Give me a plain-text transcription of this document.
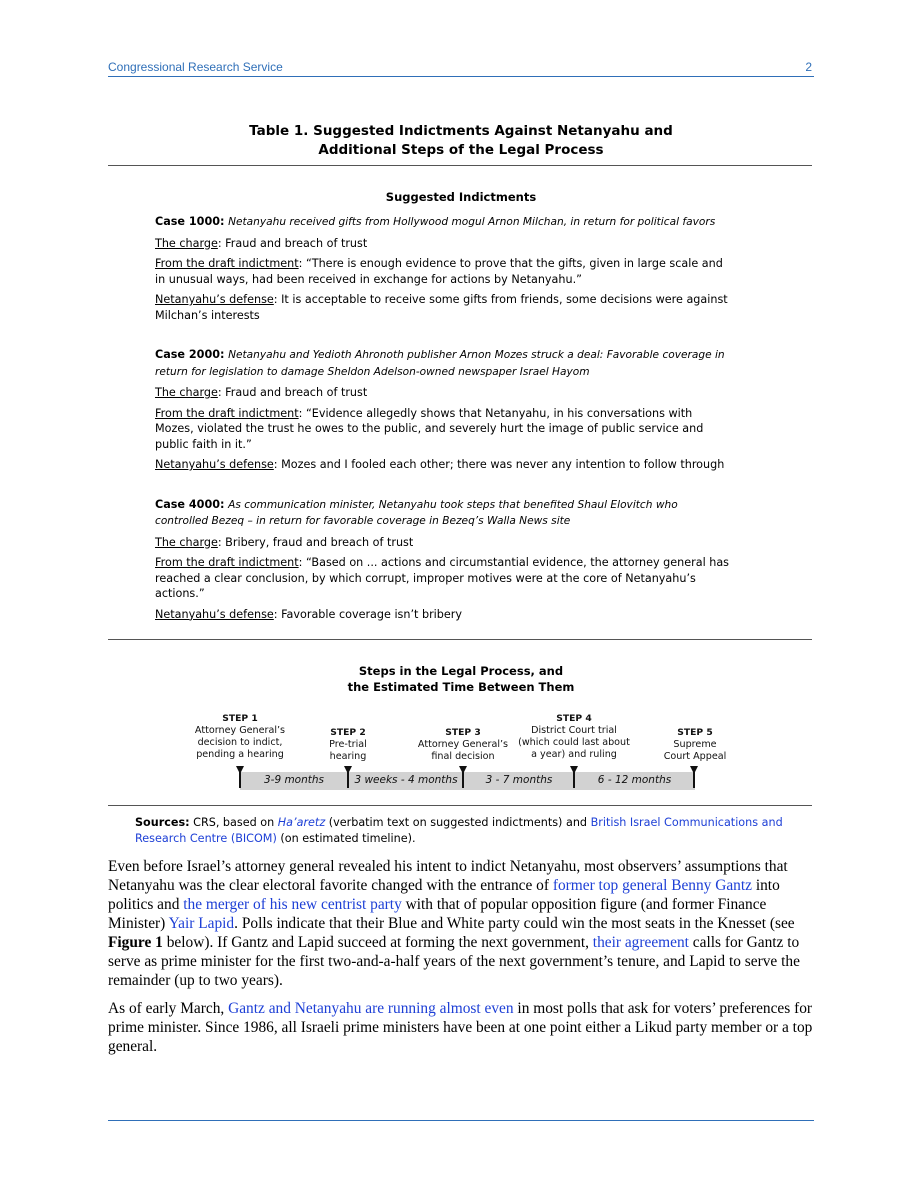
Congressional Research Service	2
Table 1. Suggested Indictments Against Netanyahu and
Additional Steps of the Legal Process
Suggested Indictments

Case 1000: Netanyahu received gifts from Hollywood mogul Arnon Milchan, in return for political favors

The charge: Fraud and breach of trust

From the draft indictment: “There is enough evidence to prove that the gifts, given in large scale and in unusual ways, had been received in exchange for actions by Netanyahu.”

Netanyahu’s defense: It is acceptable to receive some gifts from friends, some decisions were against Milchan’s interests

Case 2000: Netanyahu and Yedioth Ahronoth publisher Arnon Mozes struck a deal: Favorable coverage in return for legislation to damage Sheldon Adelson-owned newspaper Israel Hayom

The charge: Fraud and breach of trust

From the draft indictment: “Evidence allegedly shows that Netanyahu, in his conversations with Mozes, violated the trust he owes to the public, and severely hurt the image of public service and public faith in it.”

Netanyahu’s defense: Mozes and I fooled each other; there was never any intention to follow through

Case 4000: As communication minister, Netanyahu took steps that benefited Shaul Elovitch who controlled Bezeq – in return for favorable coverage in Bezeq’s Walla News site

The charge: Bribery, fraud and breach of trust

From the draft indictment: “Based on ... actions and circumstantial evidence, the attorney general has reached a clear conclusion, by which corrupt, improper motives were at the core of Netanyahu’s actions.”

Netanyahu’s defense: Favorable coverage isn’t bribery

Steps in the Legal Process, and
the Estimated Time Between Them
STEP 1
Attorney General’s
decision to indict,
pending a hearing
STEP 2
Pre-trial
hearing
STEP 3
Attorney General’s
final decision
STEP 4
District Court trial
(which could last about
a year) and ruling
STEP 5
Supreme
Court Appeal
3-9 months	3 weeks - 4 months	3 - 7 months	6 - 12 months
Sources: CRS, based on Ha’aretz (verbatim text on suggested indictments) and British Israel Communications and Research Centre (BICOM) (on estimated timeline).
Even before Israel’s attorney general revealed his intent to indict Netanyahu, most observers’ assumptions that Netanyahu was the clear electoral favorite changed with the entrance of former top general Benny Gantz into politics and the merger of his new centrist party with that of popular opposition figure (and former Finance Minister) Yair Lapid. Polls indicate that their Blue and White party could win the most seats in the Knesset (see Figure 1 below). If Gantz and Lapid succeed at forming the next government, their agreement calls for Gantz to serve as prime minister for the first two-and-a-half years of the next government’s tenure, and Lapid to serve the remainder (up to two years).
As of early March, Gantz and Netanyahu are running almost even in most polls that ask for voters’ preferences for prime minister. Since 1986, all Israeli prime ministers have been at one point either a Likud party member or a top general.
